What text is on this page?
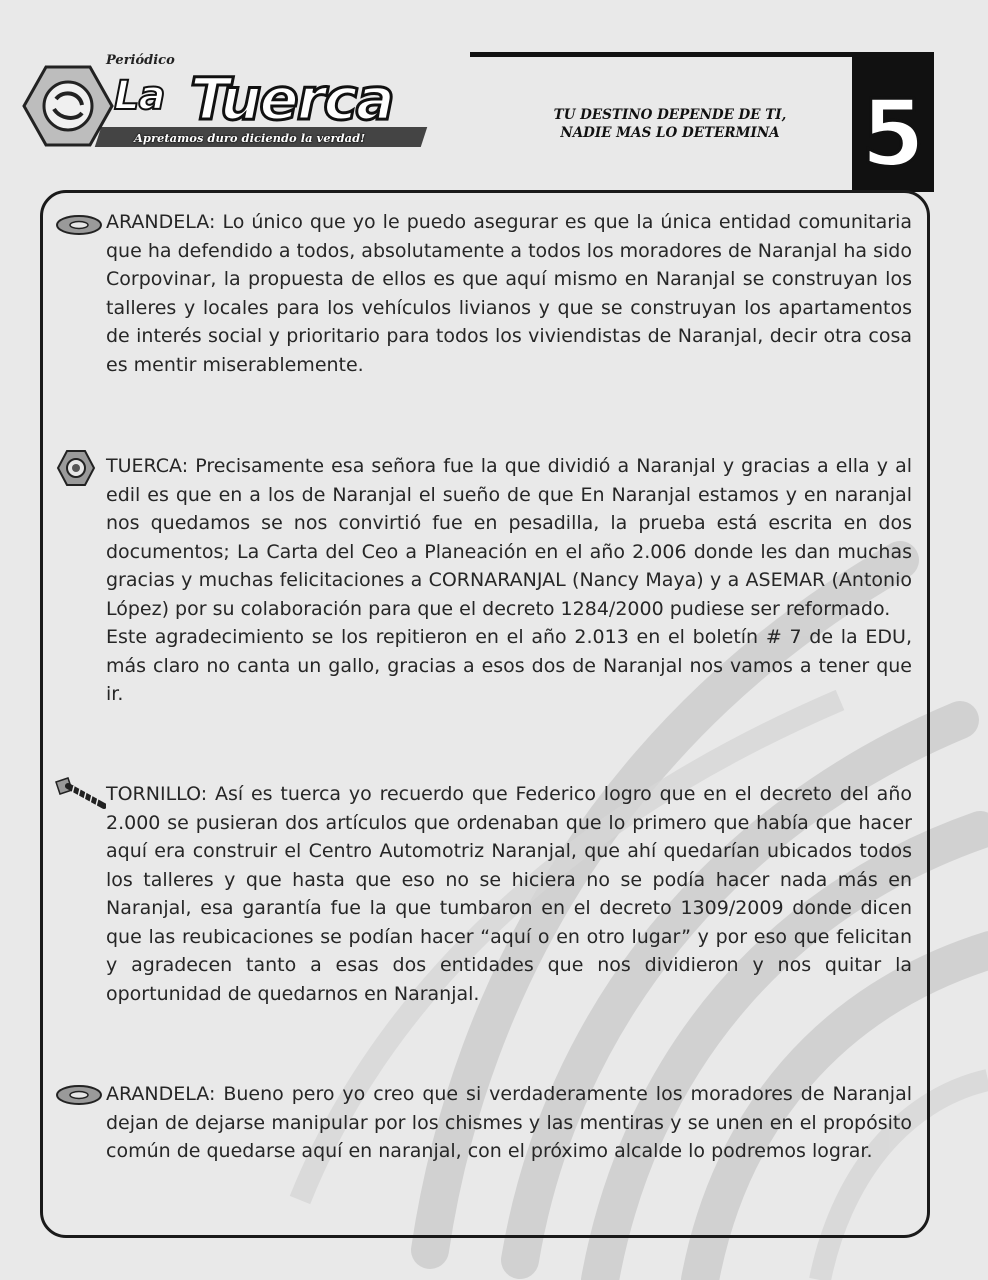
Periódico
La Tuerca
Apretamos duro diciendo la verdad!
TU DESTINO DEPENDE DE TI,
NADIE MAS LO DETERMINA 5

ARANDELA: Lo único que yo le puedo asegurar es que la única entidad comunitaria que ha defendido a todos, absolutamente a todos los moradores de Naranjal ha sido Corpovinar, la propuesta de ellos es que aquí mismo en Naranjal se construyan los talleres y locales para los vehículos livianos y que se construyan los apartamentos de interés social y prioritario para todos los viviendistas de Naranjal, decir otra cosa es mentir miserablemente.

TUERCA: Precisamente esa señora fue la que dividió a Naranjal y gracias a ella y al edil es que en a los de Naranjal el sueño de que En Naranjal estamos y en naranjal nos quedamos se nos convirtió fue en pesadilla, la prueba está escrita en dos documentos; La Carta del Ceo a Planeación en el año 2.006 donde les dan muchas gracias y muchas felicitaciones a CORNARANJAL (Nancy Maya) y a ASEMAR (Antonio López) por su colaboración para que el decreto 1284/2000 pudiese ser reformado.

Este agradecimiento se los repitieron en el año 2.013 en el boletín # 7 de la EDU, más claro no canta un gallo, gracias a esos dos de Naranjal nos vamos a tener que ir.

TORNILLO: Así es tuerca yo recuerdo que Federico logro que en el decreto del año 2.000 se pusieran dos artículos que ordenaban que lo primero que había que hacer aquí era construir el Centro Automotriz Naranjal, que ahí quedarían ubicados todos los talleres y que hasta que eso no se hiciera no se podía hacer nada más en Naranjal, esa garantía fue la que tumbaron en el decreto 1309/2009 donde dicen que las reubicaciones se podían hacer “aquí o en otro lugar” y por eso que felicitan y agradecen tanto a esas dos entidades que nos dividieron y nos quitar la oportunidad de quedarnos en Naranjal.

ARANDELA: Bueno pero yo creo que si verdaderamente los moradores de Naranjal dejan de dejarse manipular por los chismes y las mentiras y se unen en el propósito común de quedarse aquí en naranjal, con el próximo alcalde lo podremos lograr.
